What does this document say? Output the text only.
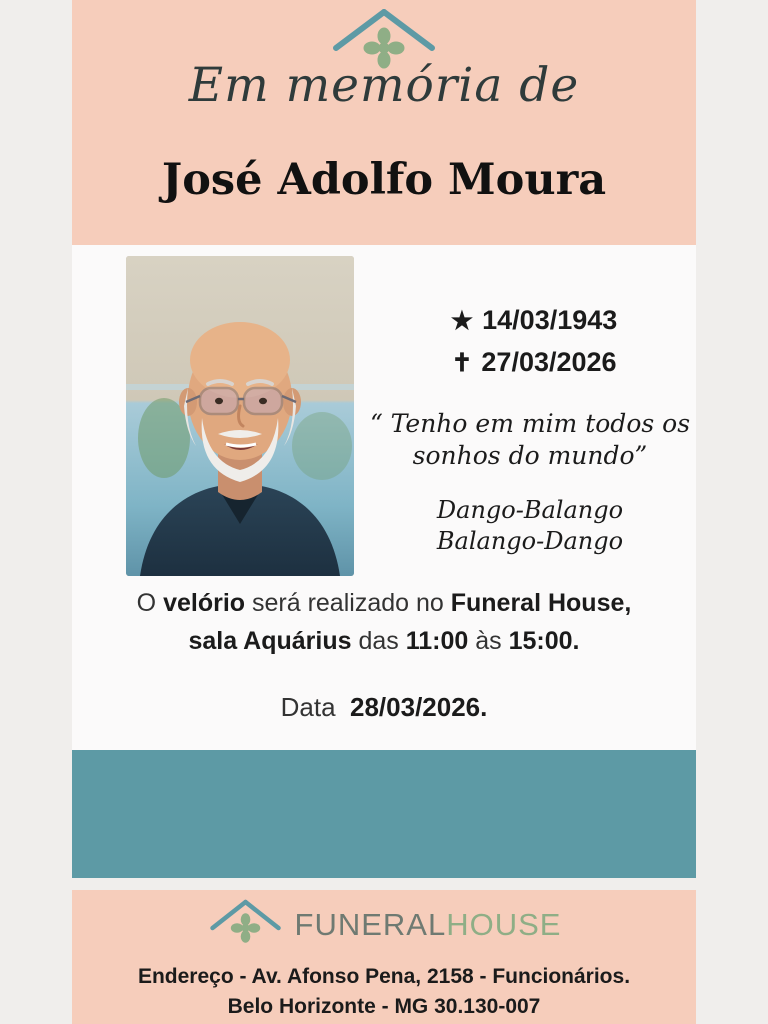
Em memória de
José Adolfo Moura
★ 14/03/1943
✝ 27/03/2026
“ Tenho em mim todos os sonhos do mundo”
Dango-Balango
Balango-Dango
O velório será realizado no Funeral House,
sala Aquárius das 11:00 às 15:00.
Data 28/03/2026.
FUNERALHOUSE
Endereço - Av. Afonso Pena, 2158 - Funcionários.
Belo Horizonte - MG 30.130-007
